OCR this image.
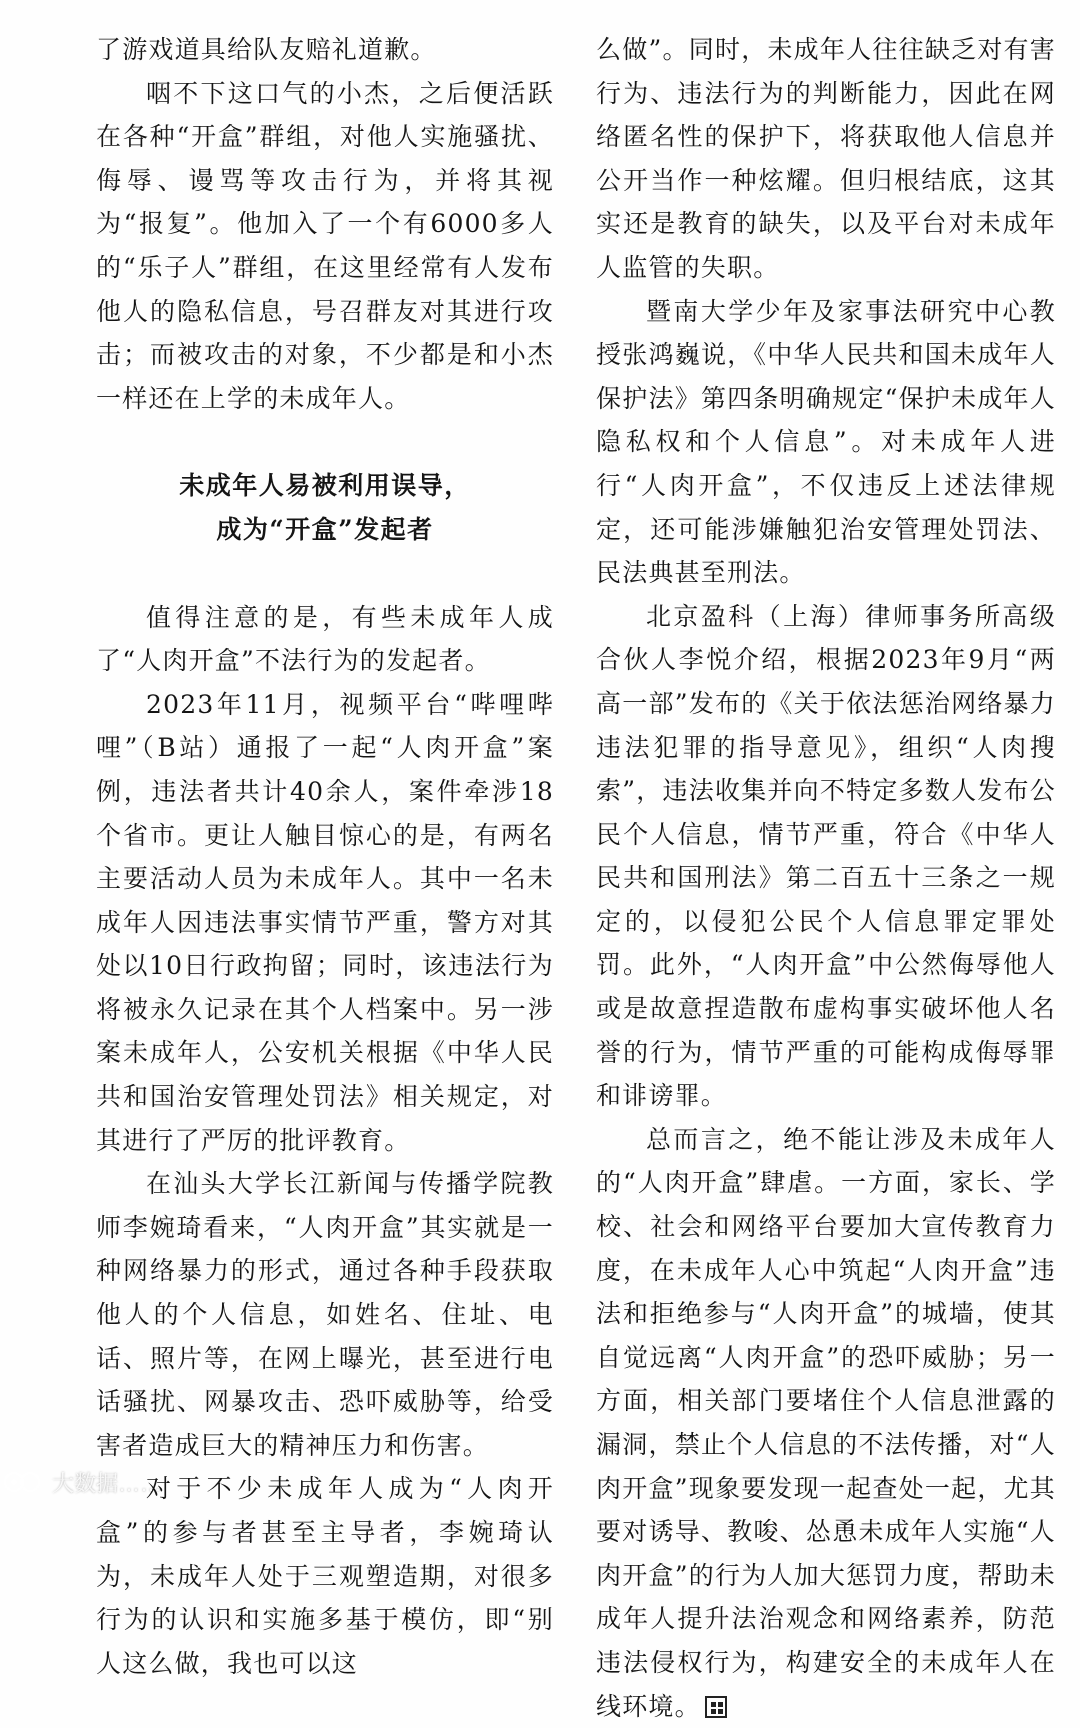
了游戏道具给队友赔礼道歉。

咽不下这口气的小杰，之后便活跃在各种“开盒”群组，对他人实施骚扰、侮辱、谩骂等攻击行为，并将其视为“报复”。他加入了一个有6000多人的“乐子人”群组，在这里经常有人发布他人的隐私信息，号召群友对其进行攻击；而被攻击的对象，不少都是和小杰一样还在上学的未成年人。

未成年人易被利用误导，
成为“开盒”发起者

值得注意的是，有些未成年人成了“人肉开盒”不法行为的发起者。

2023年11月，视频平台“哔哩哔哩”（B站）通报了一起“人肉开盒”案例，违法者共计40余人，案件牵涉18个省市。更让人触目惊心的是，有两名主要活动人员为未成年人。其中一名未成年人因违法事实情节严重，警方对其处以10日行政拘留；同时，该违法行为将被永久记录在其个人档案中。另一涉案未成年人，公安机关根据《中华人民共和国治安管理处罚法》相关规定，对其进行了严厉的批评教育。

在汕头大学长江新闻与传播学院教师李婉琦看来，“人肉开盒”其实就是一种网络暴力的形式，通过各种手段获取他人的个人信息，如姓名、住址、电话、照片等，在网上曝光，甚至进行电话骚扰、网暴攻击、恐吓威胁等，给受害者造成巨大的精神压力和伤害。

对于不少未成年人成为“人肉开盒”的参与者甚至主导者，李婉琦认为，未成年人处于三观塑造期，对很多行为的认识和实施多基于模仿，即“别人这么做，我也可以这

么做”。同时，未成年人往往缺乏对有害行为、违法行为的判断能力，因此在网络匿名性的保护下，将获取他人信息并公开当作一种炫耀。但归根结底，这其实还是教育的缺失，以及平台对未成年人监管的失职。

暨南大学少年及家事法研究中心教授张鸿巍说，《中华人民共和国未成年人保护法》第四条明确规定“保护未成年人隐私权和个人信息”。对未成年人进行“人肉开盒”，不仅违反上述法律规定，还可能涉嫌触犯治安管理处罚法、民法典甚至刑法。

北京盈科（上海）律师事务所高级合伙人李悦介绍，根据2023年9月“两高一部”发布的《关于依法惩治网络暴力违法犯罪的指导意见》，组织“人肉搜索”，违法收集并向不特定多数人发布公民个人信息，情节严重，符合《中华人民共和国刑法》第二百五十三条之一规定的，以侵犯公民个人信息罪定罪处罚。此外，“人肉开盒”中公然侮辱他人或是故意捏造散布虚构事实破坏他人名誉的行为，情节严重的可能构成侮辱罪和诽谤罪。

总而言之，绝不能让涉及未成年人的“人肉开盒”肆虐。一方面，家长、学校、社会和网络平台要加大宣传教育力度，在未成年人心中筑起“人肉开盒”违法和拒绝参与“人肉开盒”的城墙，使其自觉远离“人肉开盒”的恐吓威胁；另一方面，相关部门要堵住个人信息泄露的漏洞，禁止个人信息的不法传播，对“人肉开盒”现象要发现一起查处一起，尤其要对诱导、教唆、怂恿未成年人实施“人肉开盒”的行为人加大惩罚力度，帮助未成年人提升法治观念和网络素养，防范违法侵权行为，构建安全的未成年人在线环境。

大数据……
